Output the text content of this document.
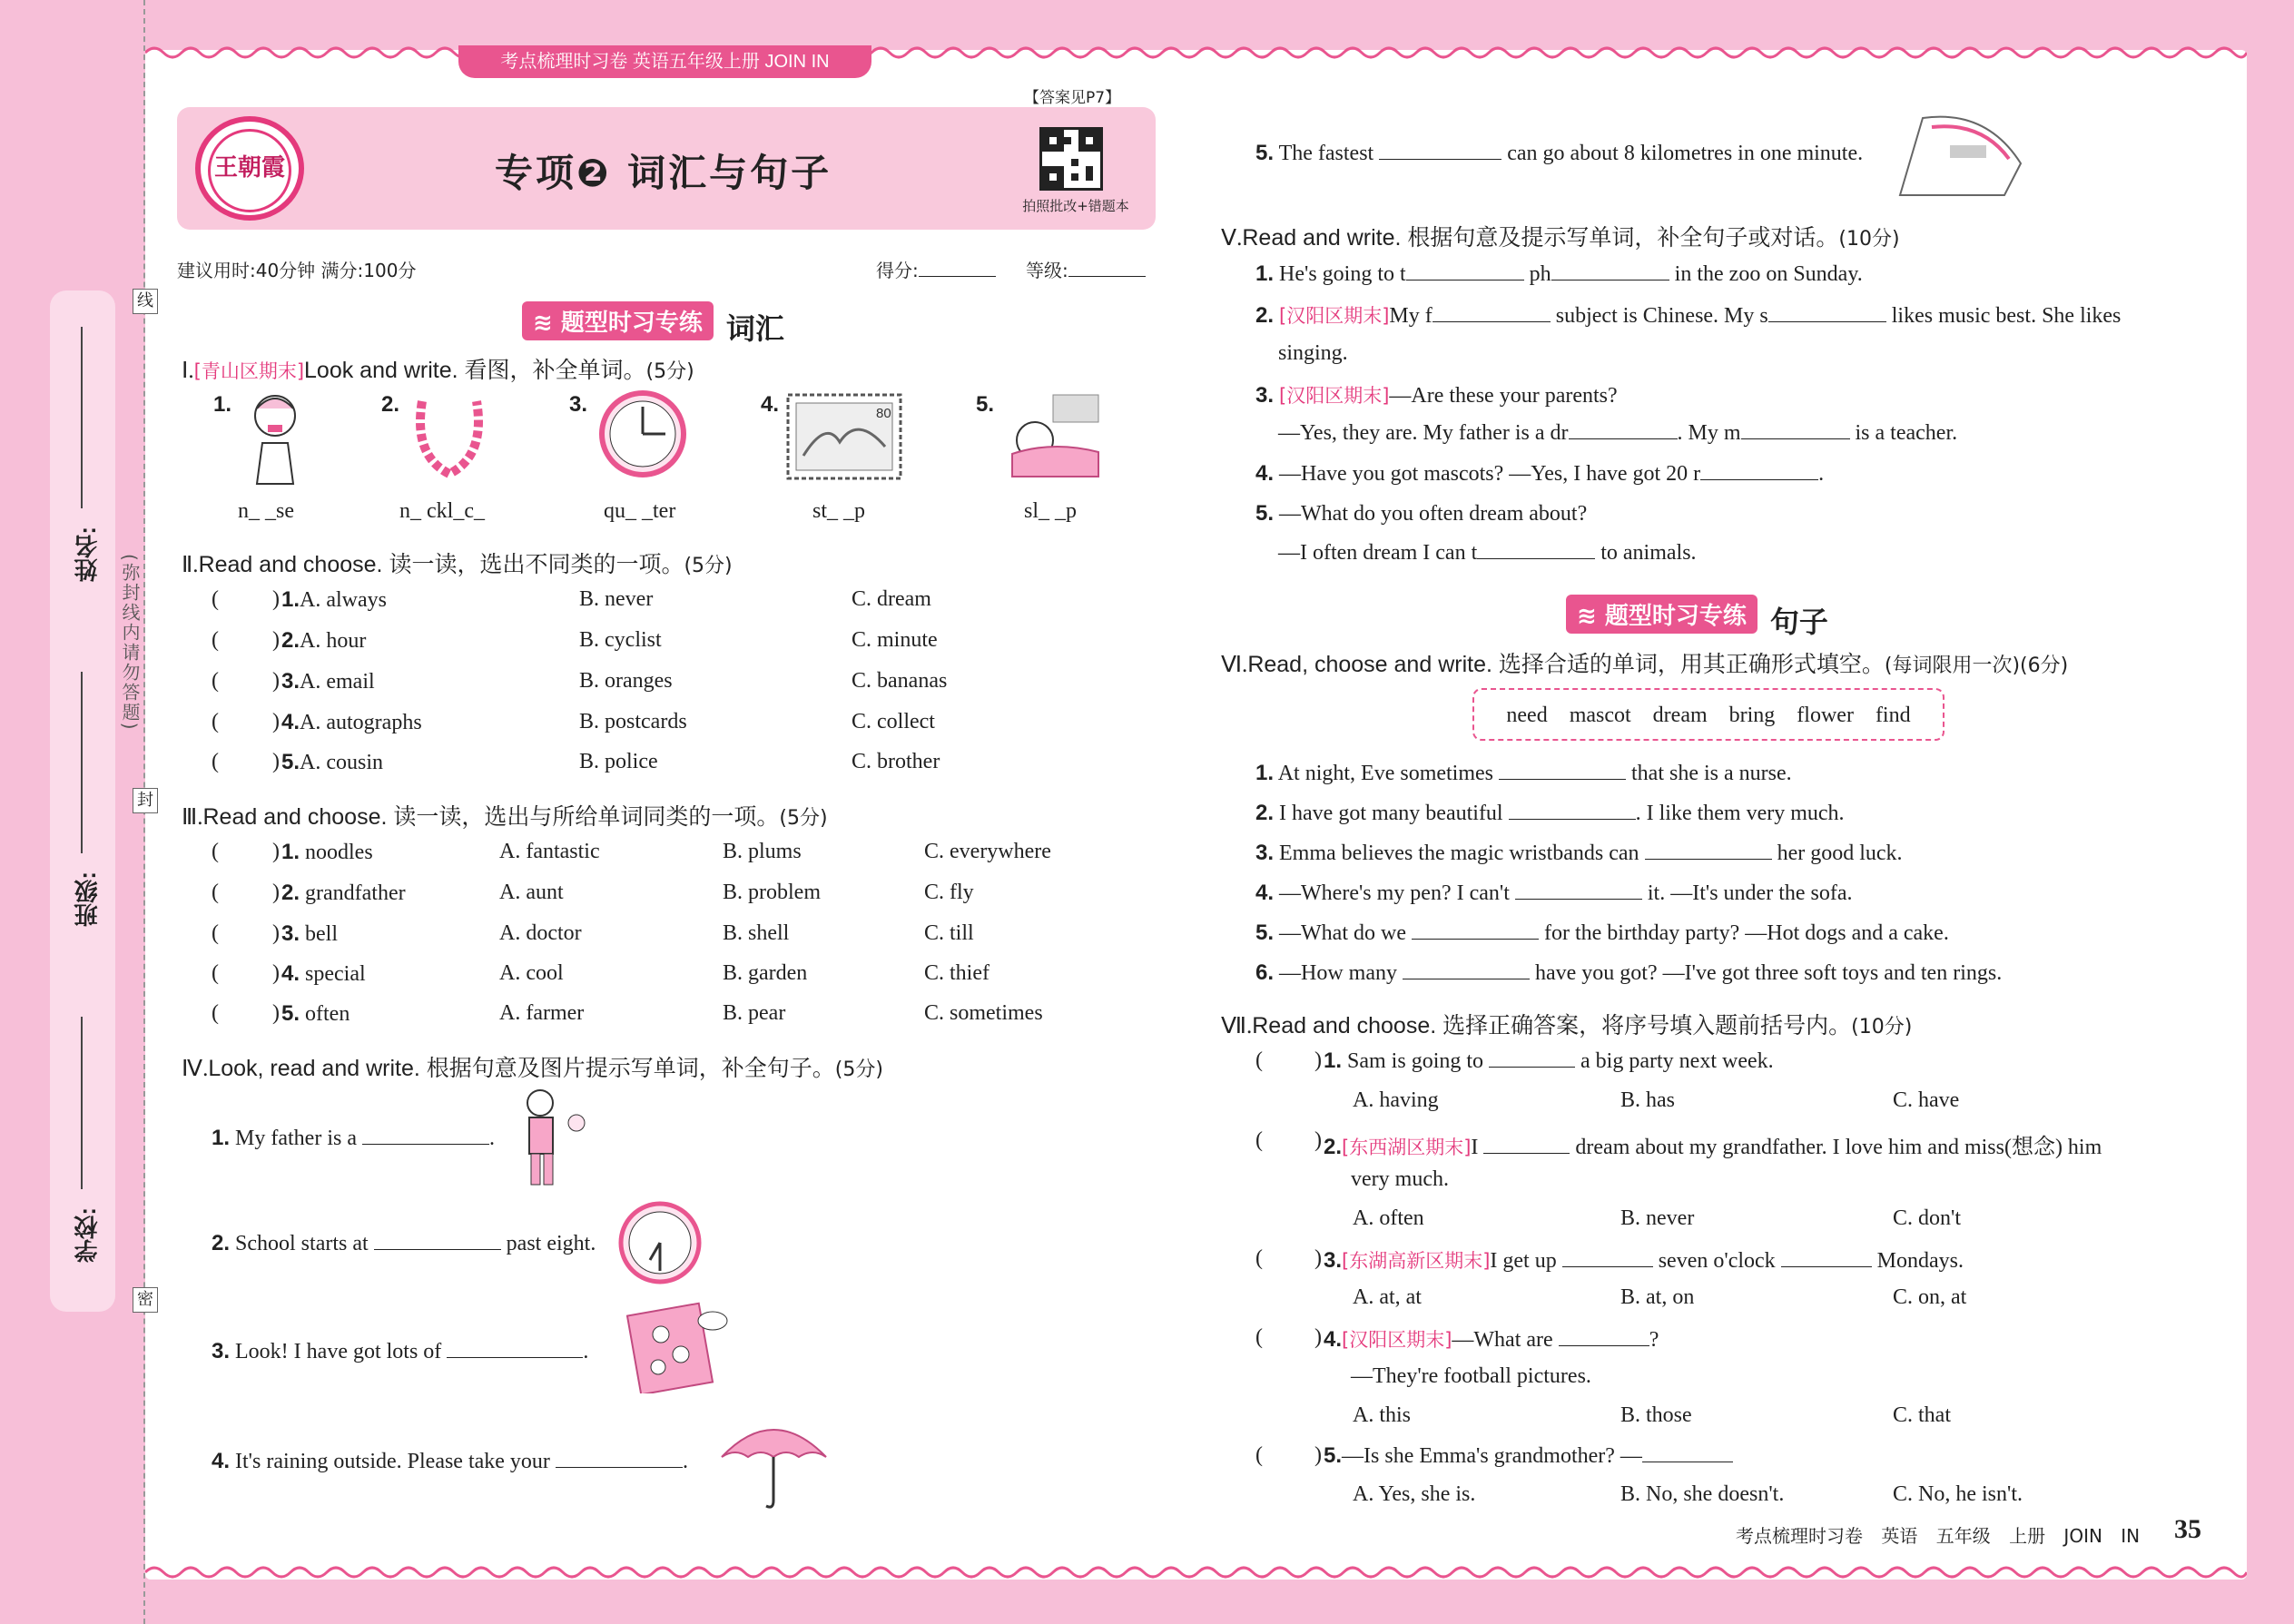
姓名:
班级:
学校:
线
封
密
(弥封线内请勿答题)
考点梳理时习卷 英语五年级上册 JOIN IN
【答案见P7】
王朝霞	专项❷ 词汇与句子
拍照批改+错题本
建议用时:40分钟 满分:100分	得分:	等级:
≋ 题型时习专练 词汇
Ⅰ.[青山区期末]Look and write. 看图，补全单词。(5分)
1.	2.	3.	4.	5.
80
n_ _se	n_ ckl_c_	qu_ _ter	st_ _p	sl_ _p
Ⅱ.Read and choose. 读一读，选出不同类的一项。(5分)
( ) 1.A. always	B. never	C. dream
( ) 2.A. hour	B. cyclist	C. minute
( ) 3.A. email	B. oranges	C. bananas
( ) 4.A. autographs	B. postcards	C. collect
( ) 5.A. cousin	B. police	C. brother
Ⅲ.Read and choose. 读一读，选出与所给单词同类的一项。(5分)
( ) 1. noodles	A. fantastic	B. plums	C. everywhere
( ) 2. grandfather	A. aunt	B. problem	C. fly
( ) 3. bell	A. doctor	B. shell	C. till
( ) 4. special	A. cool	B. garden	C. thief
( ) 5. often	A. farmer	B. pear	C. sometimes
Ⅳ.Look, read and write. 根据句意及图片提示写单词，补全句子。(5分)
1. My father is a	.
2. School starts at	past eight.
3. Look! I have got lots of	.
4. It's raining outside. Please take your	.
5. The fastest	can go about 8 kilometres in one minute.
Ⅴ.Read and write. 根据句意及提示写单词，补全句子或对话。(10分)
1. He's going to t	ph	in the zoo on Sunday.
2. [汉阳区期末]My f	subject is Chinese. My s	likes music best. She likes
singing.
3. [汉阳区期末]—Are these your parents?
—Yes, they are. My father is a dr	. My m	is a teacher.
4. —Have you got mascots? —Yes, I have got 20 r	.
5. —What do you often dream about?
—I often dream I can t	to animals.
≋ 题型时习专练 句子
Ⅵ.Read, choose and write. 选择合适的单词，用其正确形式填空。(每词限用一次)(6分)
need mascot dream bring flower find
1. At night, Eve sometimes	that she is a nurse.
2. I have got many beautiful	. I like them very much.
3. Emma believes the magic wristbands can	her good luck.
4. —Where's my pen? I can't	it. —It's under the sofa.
5. —What do we	for the birthday party? —Hot dogs and a cake.
6. —How many	have you got? —I've got three soft toys and ten rings.
Ⅶ.Read and choose. 选择正确答案，将序号填入题前括号内。(10分)
( ) 1. Sam is going to	a big party next week.
A. having	B. has	C. have
( ) 2.[东西湖区期末]I	dream about my grandfather. I love him and miss(想念) him
very much.
A. often	B. never	C. don't
( ) 3.[东湖高新区期末]I get up	seven o'clock	Mondays.
A. at, at	B. at, on	C. on, at
( ) 4.[汉阳区期末]—What are	?
—They're football pictures.
A. this	B. those	C. that
( ) 5.—Is she Emma's grandmother? —
A. Yes, she is.	B. No, she doesn't.	C. No, he isn't.
考点梳理时习卷 英语 五年级 上册 JOIN IN 35
